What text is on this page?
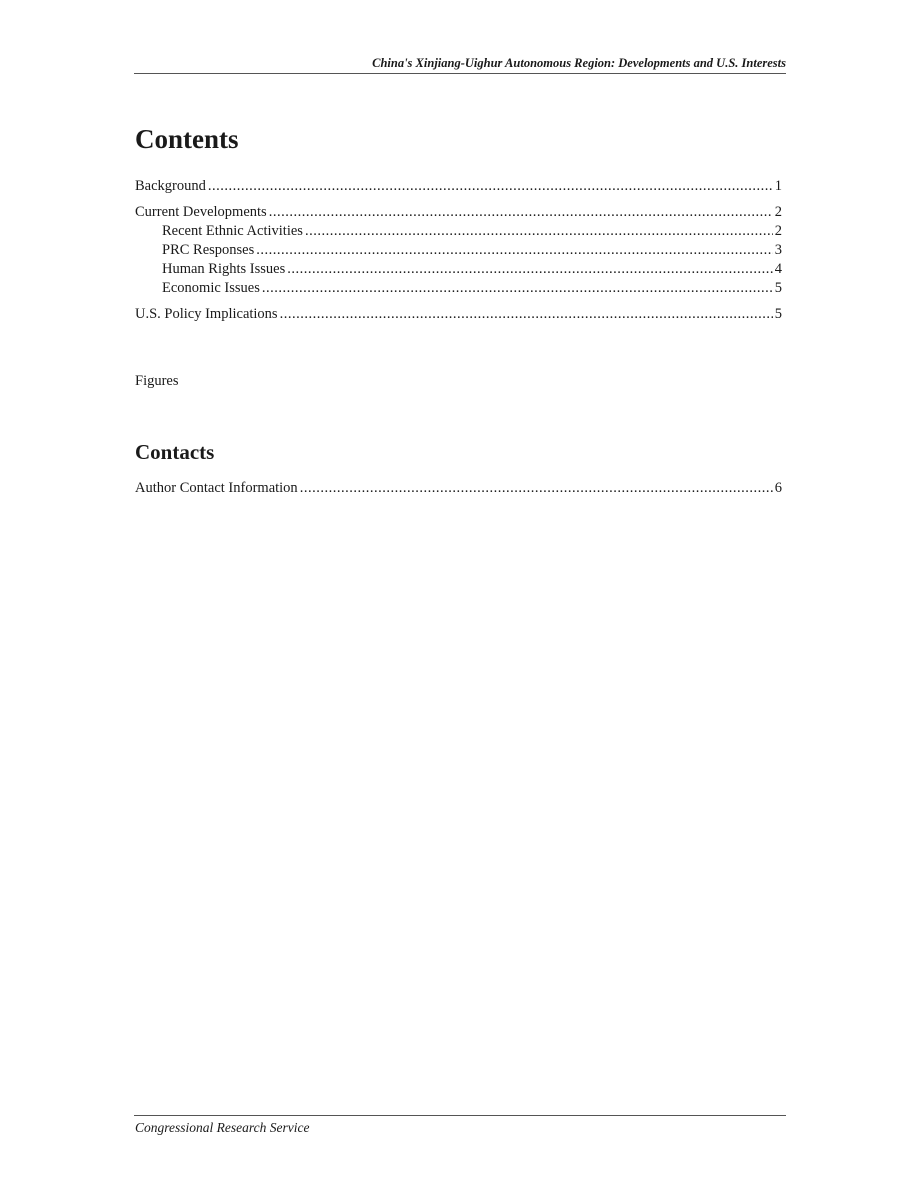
China's Xinjiang-Uighur Autonomous Region: Developments and U.S. Interests
Contents
Background .....	1
Current Developments .....	2
Recent Ethnic Activities .....	2
PRC Responses .....	3
Human Rights Issues .....	4
Economic Issues .....	5
U.S. Policy Implications .....	5
Figures
Contacts
Author Contact Information .....	6
Congressional Research Service
